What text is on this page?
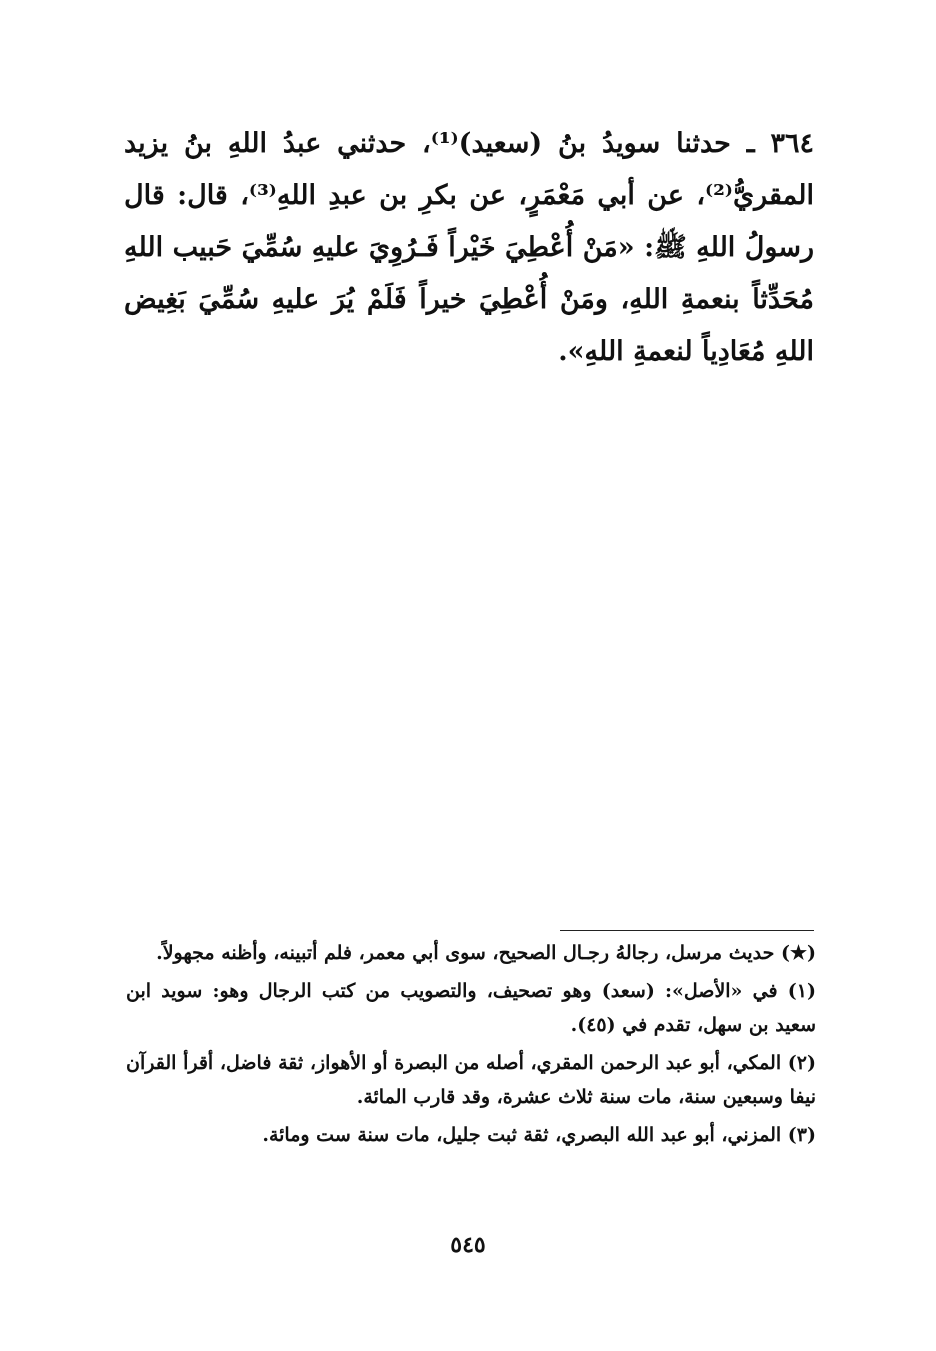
٣٦٤ ـ حدثنا سويدُ بنُ (سعيد)⁽¹⁾، حدثني عبدُ اللهِ بنُ يزيد المقريُّ⁽²⁾، عن أبي مَعْمَرٍ، عن بكرِ بن عبدِ اللهِ⁽³⁾، قال: قال رسولُ اللهِ ﷺ: «مَنْ أُعْطِيَ خَيْراً فَـرُوِيَ عليهِ سُمِّيَ حَبيب اللهِ مُحَدِّثاً بنعمةِ اللهِ، ومَنْ أُعْطِيَ خيراً فَلَمْ يُرَ عليهِ سُمِّيَ بَغِيض اللهِ مُعَادِياً لنعمةِ اللهِ».

(★) حديث مرسل، رجالهُ رجـال الصحيح، سوى أبي معمر، فلم أتبينه، وأظنه مجهولاً.

(١) في «الأصل»: (سعد) وهو تصحيف، والتصويب من كتب الرجال وهو: سويد ابن سعيد بن سهل، تقدم في (٤٥).

(٢) المكي، أبو عبد الرحمن المقري، أصله من البصرة أو الأهواز، ثقة فاضل، أقرأ القرآن نيفا وسبعين سنة، مات سنة ثلاث عشرة، وقد قارب المائة.

(٣) المزني، أبو عبد الله البصري، ثقة ثبت جليل، مات سنة ست ومائة.

٥٤٥
